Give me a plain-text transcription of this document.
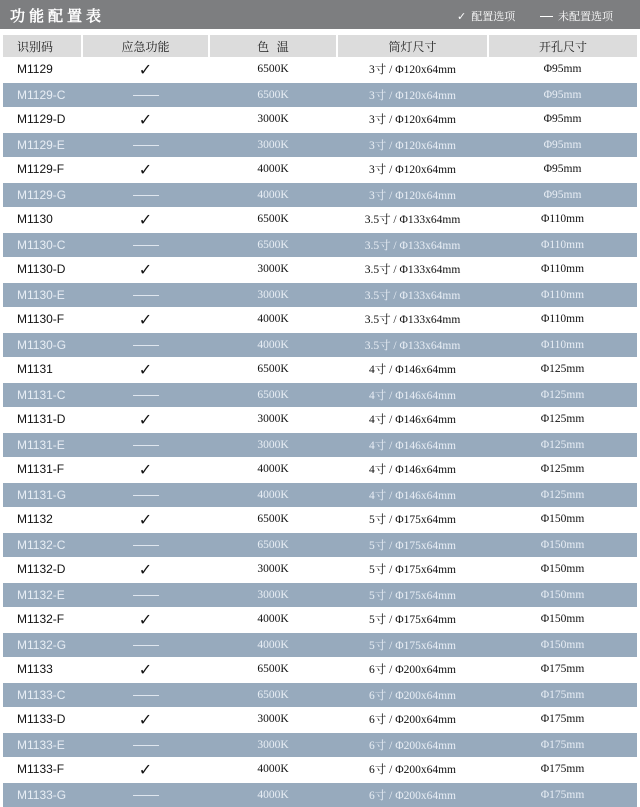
功能配置表	✓ 配置选项	未配置选项
识别码	应急功能	色  温	筒灯尺寸	开孔尺寸
M1129	✓	6500K	3寸 / Φ120x64mm	Φ95mm
M1129-C		6500K	3寸 / Φ120x64mm	Φ95mm
M1129-D	✓	3000K	3寸 / Φ120x64mm	Φ95mm
M1129-E		3000K	3寸 / Φ120x64mm	Φ95mm
M1129-F	✓	4000K	3寸 / Φ120x64mm	Φ95mm
M1129-G		4000K	3寸 / Φ120x64mm	Φ95mm
M1130	✓	6500K	3.5寸 / Φ133x64mm	Φ110mm
M1130-C		6500K	3.5寸 / Φ133x64mm	Φ110mm
M1130-D	✓	3000K	3.5寸 / Φ133x64mm	Φ110mm
M1130-E		3000K	3.5寸 / Φ133x64mm	Φ110mm
M1130-F	✓	4000K	3.5寸 / Φ133x64mm	Φ110mm
M1130-G		4000K	3.5寸 / Φ133x64mm	Φ110mm
M1131	✓	6500K	4寸 / Φ146x64mm	Φ125mm
M1131-C		6500K	4寸 / Φ146x64mm	Φ125mm
M1131-D	✓	3000K	4寸 / Φ146x64mm	Φ125mm
M1131-E		3000K	4寸 / Φ146x64mm	Φ125mm
M1131-F	✓	4000K	4寸 / Φ146x64mm	Φ125mm
M1131-G		4000K	4寸 / Φ146x64mm	Φ125mm
M1132	✓	6500K	5寸 / Φ175x64mm	Φ150mm
M1132-C		6500K	5寸 / Φ175x64mm	Φ150mm
M1132-D	✓	3000K	5寸 / Φ175x64mm	Φ150mm
M1132-E		3000K	5寸 / Φ175x64mm	Φ150mm
M1132-F	✓	4000K	5寸 / Φ175x64mm	Φ150mm
M1132-G		4000K	5寸 / Φ175x64mm	Φ150mm
M1133	✓	6500K	6寸 / Φ200x64mm	Φ175mm
M1133-C		6500K	6寸 / Φ200x64mm	Φ175mm
M1133-D	✓	3000K	6寸 / Φ200x64mm	Φ175mm
M1133-E		3000K	6寸 / Φ200x64mm	Φ175mm
M1133-F	✓	4000K	6寸 / Φ200x64mm	Φ175mm
M1133-G		4000K	6寸 / Φ200x64mm	Φ175mm
